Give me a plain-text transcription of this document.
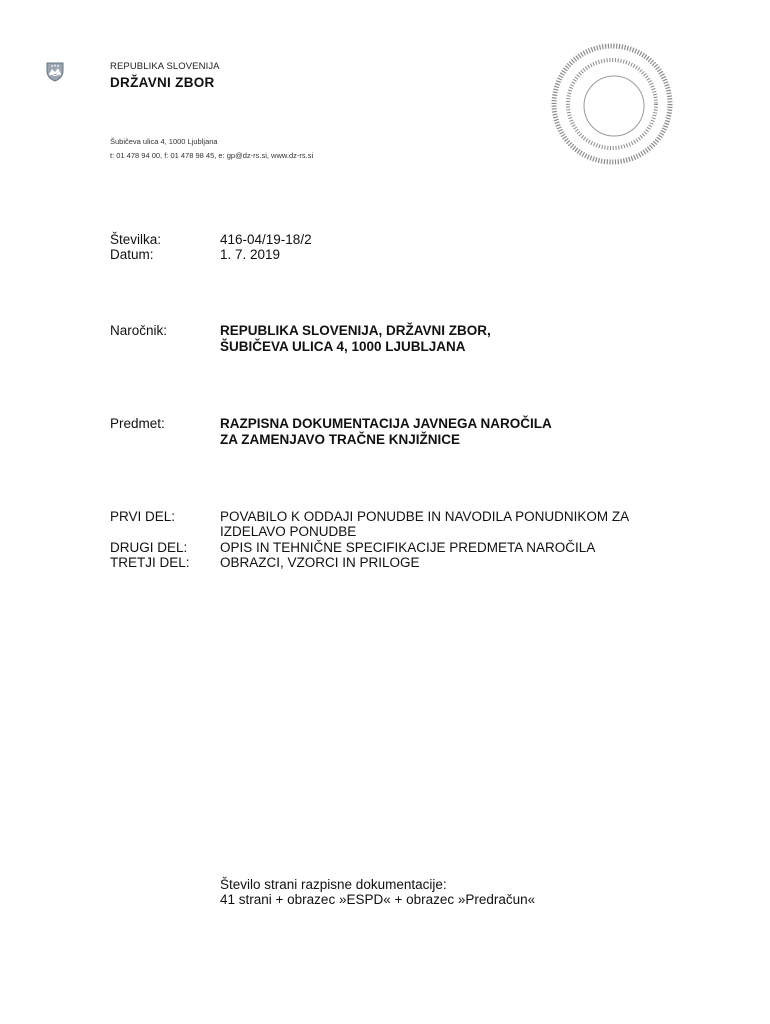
REPUBLIKA SLOVENIJA
DRŽAVNI ZBOR
Šubičeva ulica 4, 1000 Ljubljana
t: 01 478 94 00, f: 01 478 98 45, e: gp@dz-rs.si, www.dz-rs.si
Številka:	416-04/19-18/2
Datum:	1. 7. 2019
Naročnik:	REPUBLIKA SLOVENIJA, DRŽAVNI ZBOR,
ŠUBIČEVA ULICA 4, 1000 LJUBLJANA
Predmet:	RAZPISNA DOKUMENTACIJA JAVNEGA NAROČILA
ZA ZAMENJAVO TRAČNE KNJIŽNICE
PRVI DEL:	POVABILO K ODDAJI PONUDBE IN NAVODILA PONUDNIKOM ZA
IZDELAVO PONUDBE
DRUGI DEL: OPIS IN TEHNIČNE SPECIFIKACIJE PREDMETA NAROČILA
TRETJI DEL: OBRAZCI, VZORCI IN PRILOGE
Število strani razpisne dokumentacije:
41 strani + obrazec »ESPD« + obrazec »Predračun«
